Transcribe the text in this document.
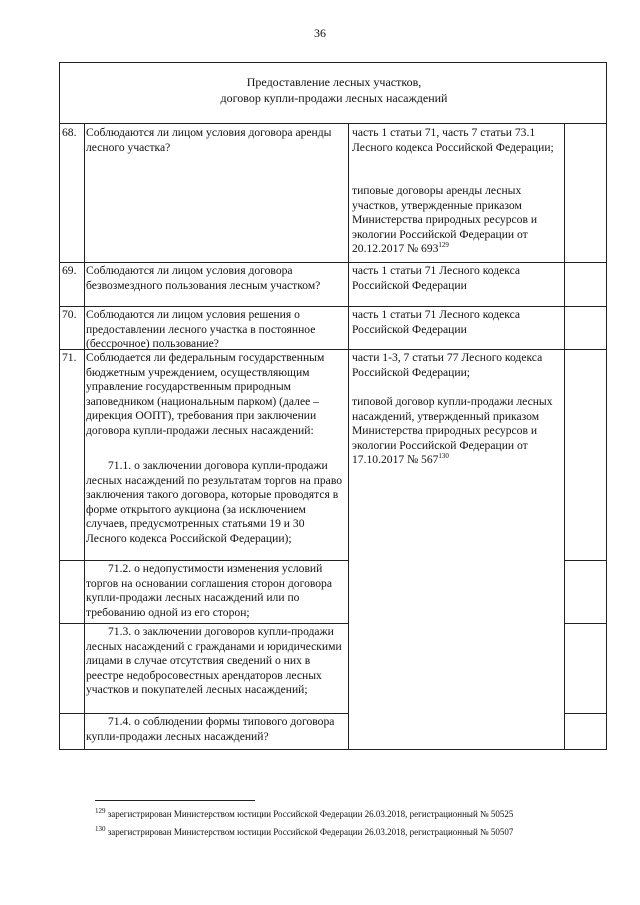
36
Предоставление лесных участков,
договор купли-продажи лесных насаждений
68. Соблюдаются ли лицом условия договора аренды лесного участка?
часть 1 статьи 71, часть 7 статьи 73.1 Лесного кодекса Российской Федерации;
типовые договоры аренды лесных участков, утвержденные приказом Министерства природных ресурсов и экологии Российской Федерации от 20.12.2017 № $693^{129}$
69. Соблюдаются ли лицом условия договора безвозмездного пользования лесным участком?
часть 1 статьи 71 Лесного кодекса Российской Федерации
70. Соблюдаются ли лицом условия решения о предоставлении лесного участка в постоянное (бессрочное) пользование?
часть 1 статьи 71 Лесного кодекса Российской Федерации
71. Соблюдается ли федеральным государственным бюджетным учреждением, осуществляющим управление государственным природным заповедником (национальным парком) (далее – дирекция ООПТ), требования при заключении договора купли-продажи лесных насаждений:
71.1. о заключении договора купли-продажи лесных насаждений по результатам торгов на право заключения такого договора, которые проводятся в форме открытого аукциона (за исключением случаев, предусмотренных статьями 19 и 30 Лесного кодекса Российской Федерации);
71.2. о недопустимости изменения условий торгов на основании соглашения сторон договора купли-продажи лесных насаждений или по требованию одной из его сторон;
71.3. о заключении договоров купли-продажи лесных насаждений с гражданами и юридическими лицами в случае отсутствия сведений о них в реестре недобросовестных арендаторов лесных участков и покупателей лесных насаждений;
71.4. о соблюдении формы типового договора купли-продажи лесных насаждений?
части 1-3, 7 статьи 77 Лесного кодекса Российской Федерации;
типовой договор купли-продажи лесных насаждений, утвержденный приказом Министерства природных ресурсов и экологии Российской Федерации от 17.10.2017 № $567^{130}$
$^{129}$ зарегистрирован Министерством юстиции Российской Федерации 26.03.2018, регистрационный № 50525
$^{130}$ зарегистрирован Министерством юстиции Российской Федерации 26.03.2018, регистрационный № 50507
